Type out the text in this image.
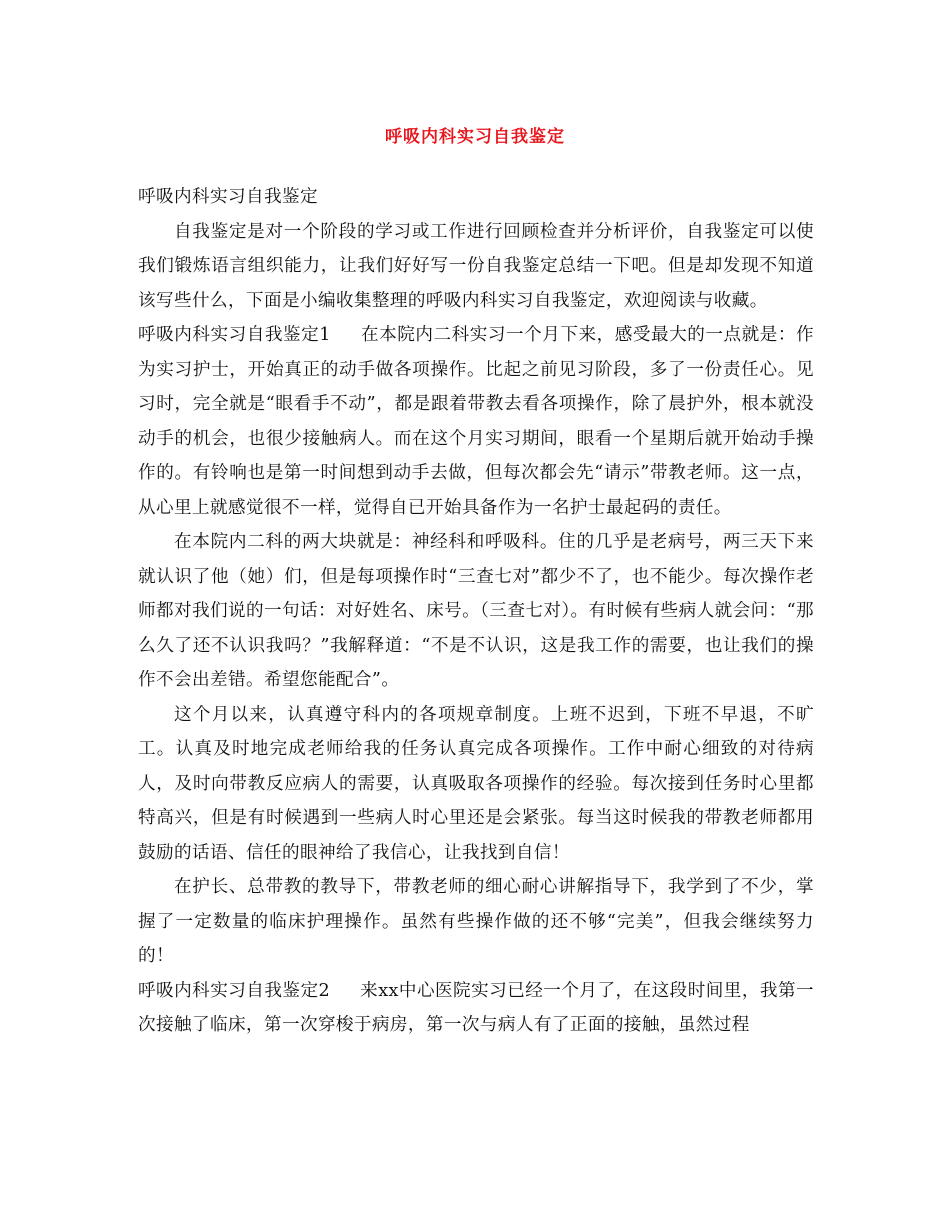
呼吸内科实习自我鉴定

呼吸内科实习自我鉴定

自我鉴定是对一个阶段的学习或工作进行回顾检查并分析评价，自我鉴定可以使我们锻炼语言组织能力，让我们好好写一份自我鉴定总结一下吧。但是却发现不知道该写些什么，下面是小编收集整理的呼吸内科实习自我鉴定，欢迎阅读与收藏。

呼吸内科实习自我鉴定1 在本院内二科实习一个月下来，感受最大的一点就是：作为实习护士，开始真正的动手做各项操作。比起之前见习阶段，多了一份责任心。见习时，完全就是“眼看手不动”，都是跟着带教去看各项操作，除了晨护外，根本就没动手的机会，也很少接触病人。而在这个月实习期间，眼看一个星期后就开始动手操作的。有铃响也是第一时间想到动手去做，但每次都会先“请示”带教老师。这一点，从心里上就感觉很不一样，觉得自已开始具备作为一名护士最起码的责任。

在本院内二科的两大块就是：神经科和呼吸科。住的几乎是老病号，两三天下来就认识了他（她）们，但是每项操作时“三查七对”都少不了，也不能少。每次操作老师都对我们说的一句话：对好姓名、床号。（三查七对）。有时候有些病人就会问：“那么久了还不认识我吗？”我解释道：“不是不认识，这是我工作的需要，也让我们的操作不会出差错。希望您能配合”。

这个月以来，认真遵守科内的各项规章制度。上班不迟到，下班不早退，不旷工。认真及时地完成老师给我的任务认真完成各项操作。工作中耐心细致的对待病人，及时向带教反应病人的需要，认真吸取各项操作的经验。每次接到任务时心里都特高兴，但是有时候遇到一些病人时心里还是会紧张。每当这时候我的带教老师都用鼓励的话语、信任的眼神给了我信心，让我找到自信！

在护长、总带教的教导下，带教老师的细心耐心讲解指导下，我学到了不少，掌握了一定数量的临床护理操作。虽然有些操作做的还不够“完美”，但我会继续努力的！

呼吸内科实习自我鉴定2 来xx中心医院实习已经一个月了，在这段时间里，我第一次接触了临床，第一次穿梭于病房，第一次与病人有了正面的接触，虽然过程
